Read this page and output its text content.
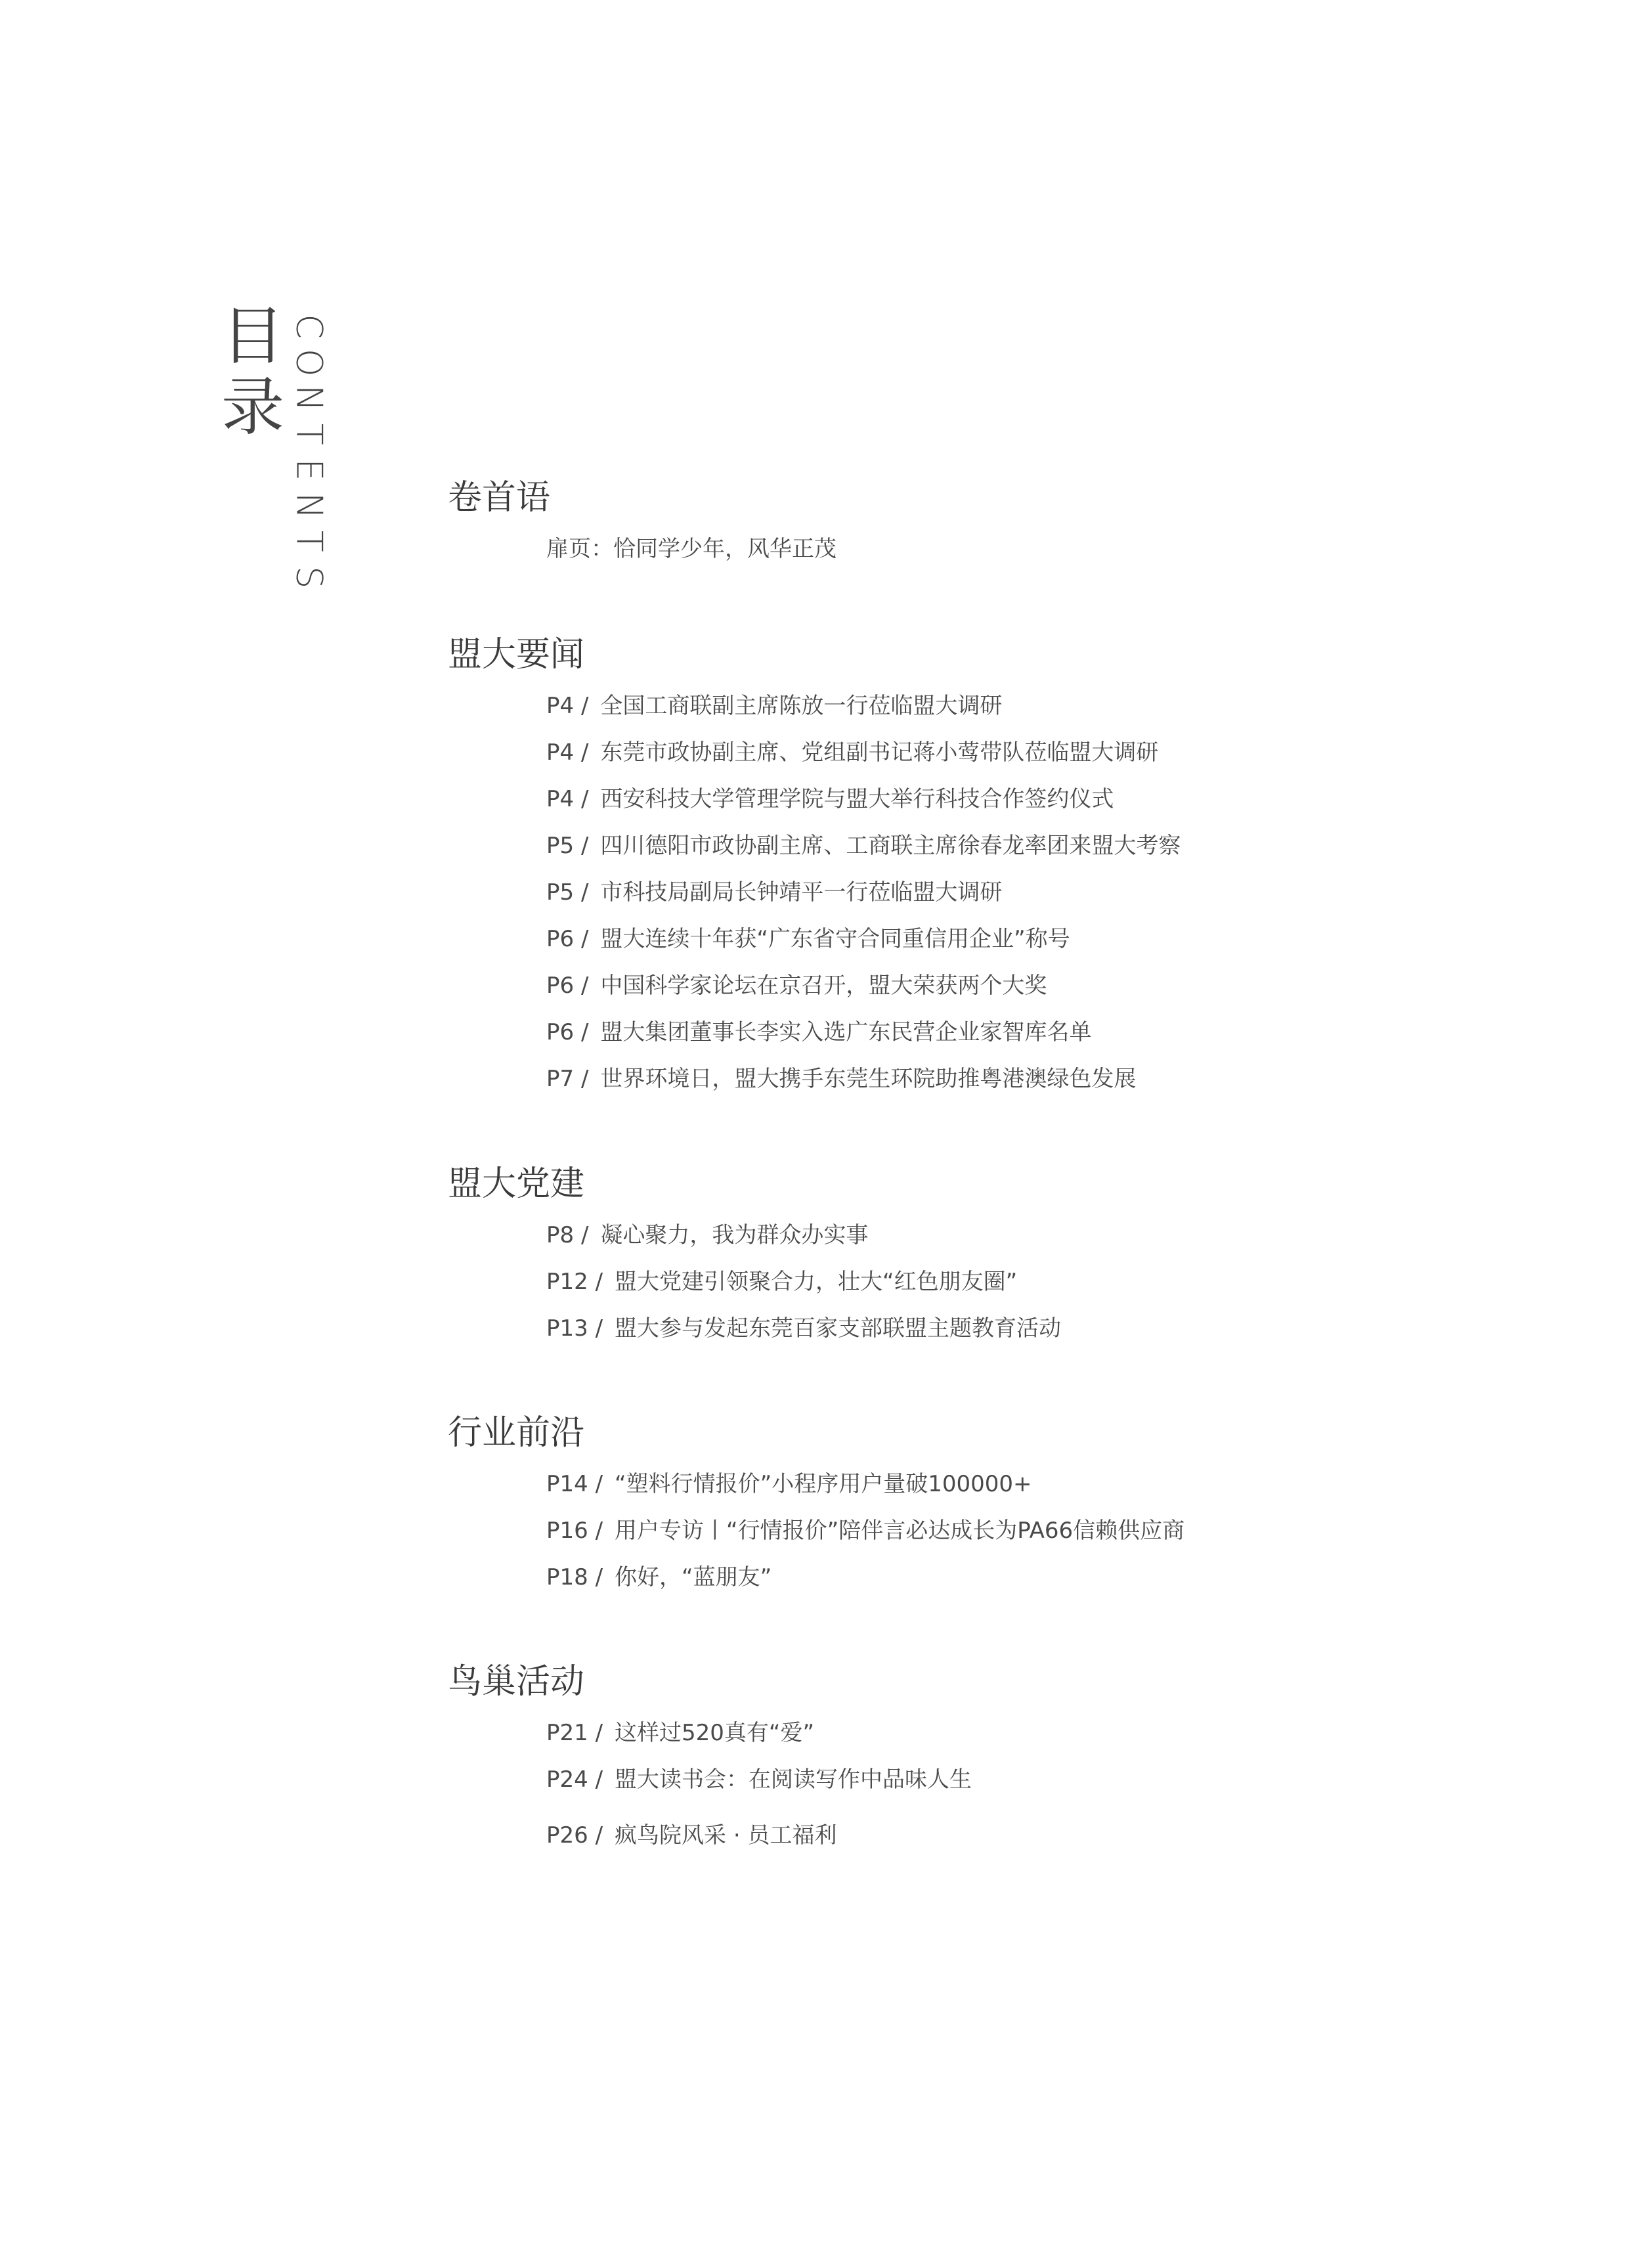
目
录
C
O
N
T
E
N
T
S
卷首语
扉页：恰同学少年，风华正茂
盟大要闻
P4 / 全国工商联副主席陈放一行莅临盟大调研
P4 / 东莞市政协副主席、党组副书记蒋小莺带队莅临盟大调研
P4 / 西安科技大学管理学院与盟大举行科技合作签约仪式
P5 / 四川德阳市政协副主席、工商联主席徐春龙率团来盟大考察
P5 / 市科技局副局长钟靖平一行莅临盟大调研
P6 / 盟大连续十年获“广东省守合同重信用企业”称号
P6 / 中国科学家论坛在京召开，盟大荣获两个大奖
P6 / 盟大集团董事长李实入选广东民营企业家智库名单
P7 / 世界环境日，盟大携手东莞生环院助推粤港澳绿色发展
盟大党建
P8 / 凝心聚力，我为群众办实事
P12 / 盟大党建引领聚合力，壮大“红色朋友圈”
P13 / 盟大参与发起东莞百家支部联盟主题教育活动
行业前沿
P14 / “塑料行情报价”小程序用户量破100000+
P16 / 用户专访丨“行情报价”陪伴言必达成长为PA66信赖供应商
P18 / 你好，“蓝朋友”
鸟巢活动
P21 / 这样过520真有“爱”
P24 / 盟大读书会：在阅读写作中品味人生
P26 / 疯鸟院风采 · 员工福利
